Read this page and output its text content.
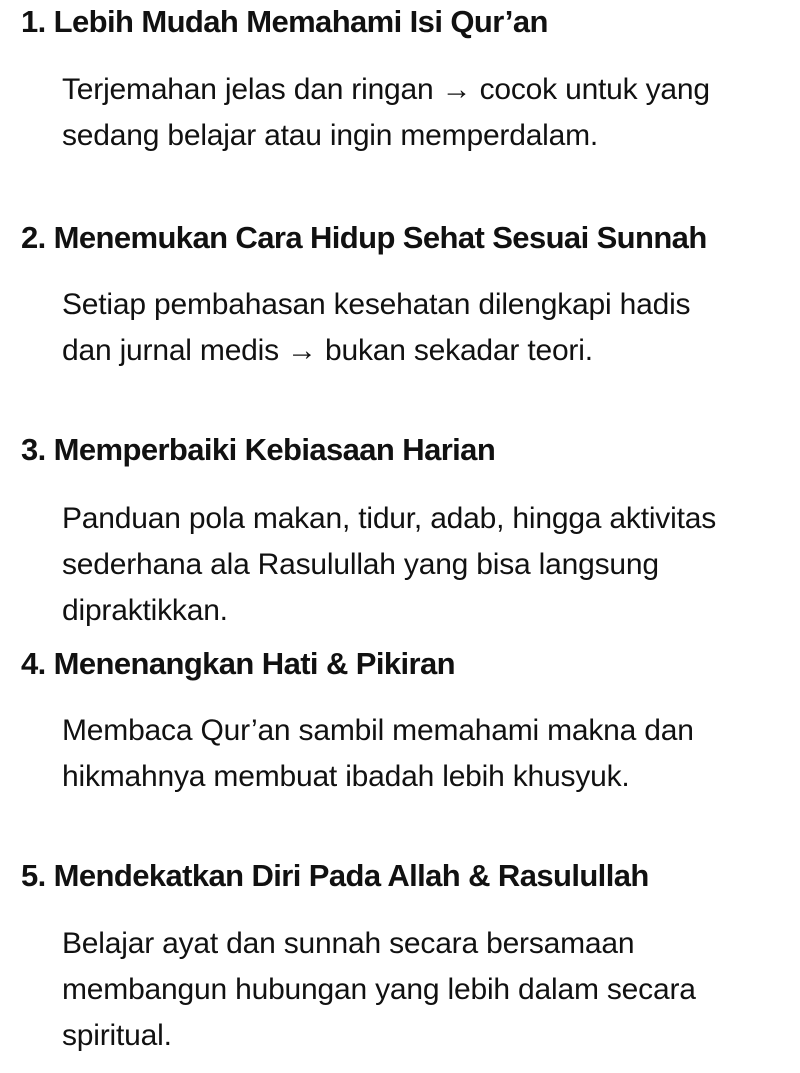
1. Lebih Mudah Memahami Isi Qur’an

Terjemahan jelas dan ringan → cocok untuk yang sedang belajar atau ingin memperdalam.

2. Menemukan Cara Hidup Sehat Sesuai Sunnah

Setiap pembahasan kesehatan dilengkapi hadis dan jurnal medis → bukan sekadar teori.

3. Memperbaiki Kebiasaan Harian

Panduan pola makan, tidur, adab, hingga aktivitas sederhana ala Rasulullah yang bisa langsung dipraktikkan.

4. Menenangkan Hati & Pikiran

Membaca Qur’an sambil memahami makna dan hikmahnya membuat ibadah lebih khusyuk.

5. Mendekatkan Diri Pada Allah & Rasulullah

Belajar ayat dan sunnah secara bersamaan membangun hubungan yang lebih dalam secara spiritual.
